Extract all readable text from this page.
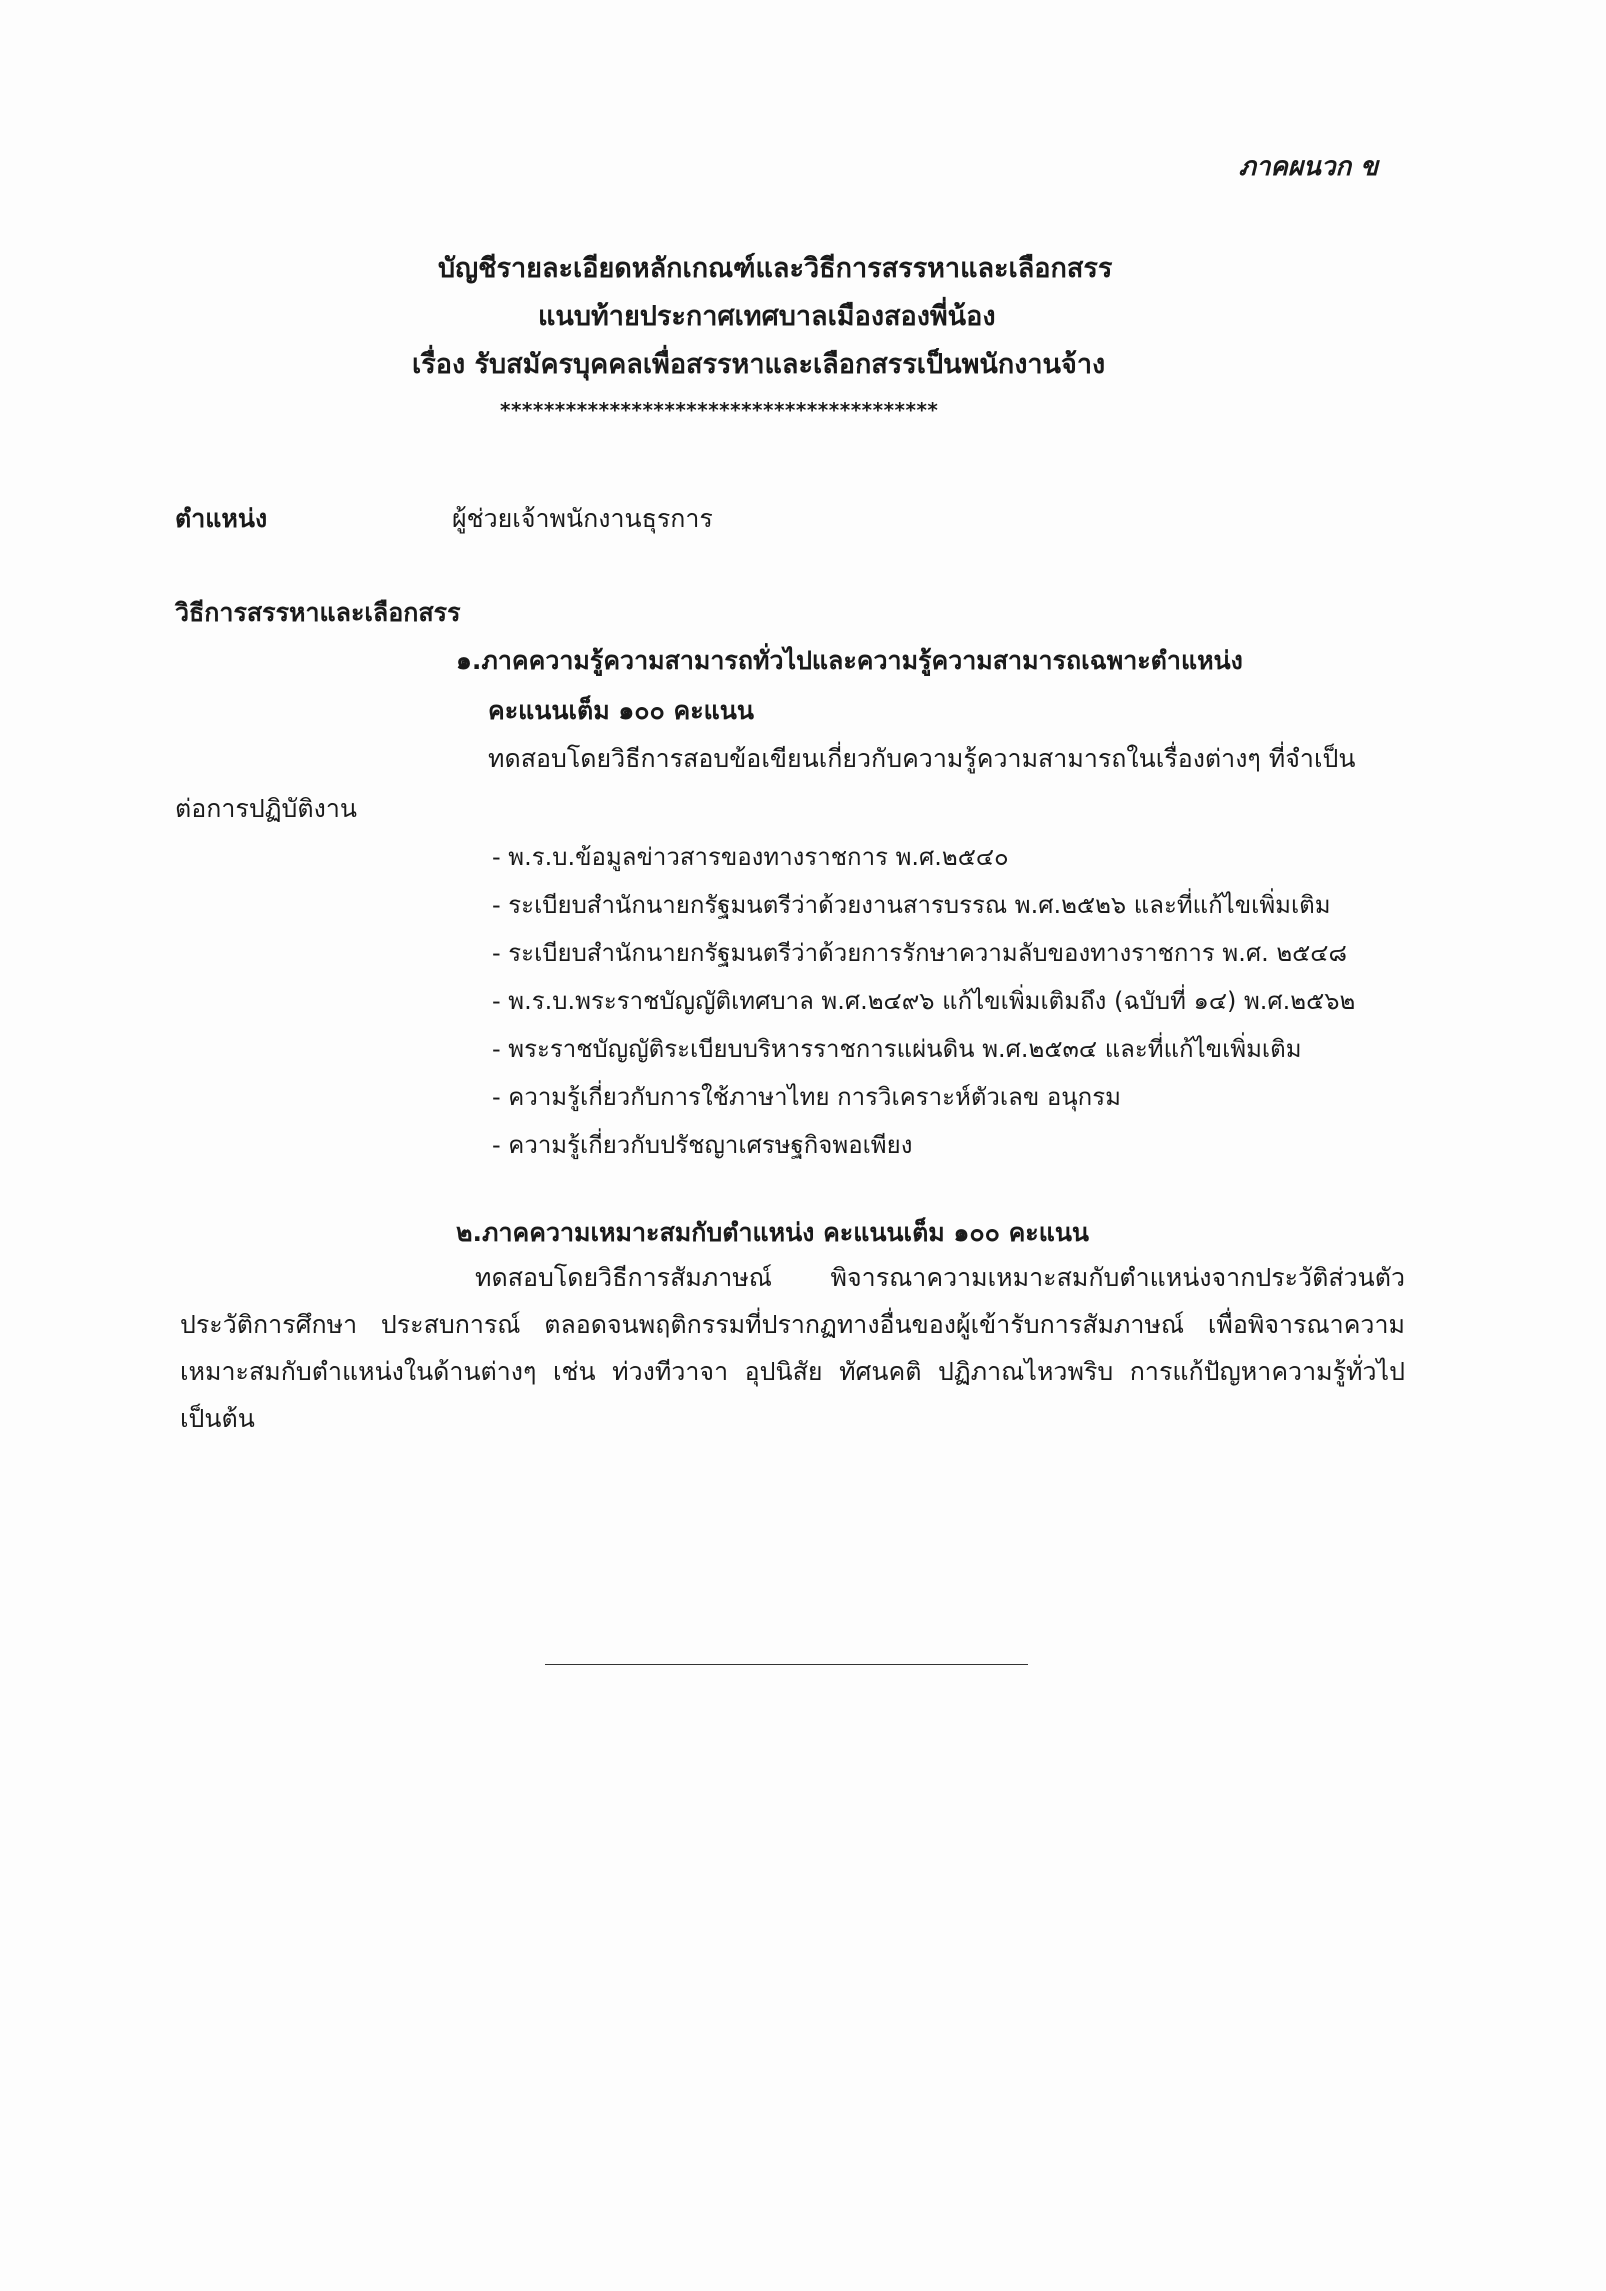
ภาคผนวก ข
บัญชีรายละเอียดหลักเกณฑ์และวิธีการสรรหาและเลือกสรร
แนบท้ายประกาศเทศบาลเมืองสองพี่น้อง
เรื่อง รับสมัครบุคคลเพื่อสรรหาและเลือกสรรเป็นพนักงานจ้าง
****************************************
ตำแหน่ง	ผู้ช่วยเจ้าพนักงานธุรการ
วิธีการสรรหาและเลือกสรร
๑.ภาคความรู้ความสามารถทั่วไปและความรู้ความสามารถเฉพาะตำแหน่ง
คะแนนเต็ม ๑๐๐ คะแนน
ทดสอบโดยวิธีการสอบข้อเขียนเกี่ยวกับความรู้ความสามารถในเรื่องต่างๆ ที่จำเป็น
ต่อการปฏิบัติงาน
- พ.ร.บ.ข้อมูลข่าวสารของทางราชการ พ.ศ.๒๕๔๐
- ระเบียบสำนักนายกรัฐมนตรีว่าด้วยงานสารบรรณ พ.ศ.๒๕๒๖ และที่แก้ไขเพิ่มเติม
- ระเบียบสำนักนายกรัฐมนตรีว่าด้วยการรักษาความลับของทางราชการ พ.ศ. ๒๕๔๘
- พ.ร.บ.พระราชบัญญัติเทศบาล พ.ศ.๒๔๙๖ แก้ไขเพิ่มเติมถึง (ฉบับที่ ๑๔) พ.ศ.๒๕๖๒
- พระราชบัญญัติระเบียบบริหารราชการแผ่นดิน พ.ศ.๒๕๓๔ และที่แก้ไขเพิ่มเติม
- ความรู้เกี่ยวกับการใช้ภาษาไทย การวิเคราะห์ตัวเลข อนุกรม
- ความรู้เกี่ยวกับปรัชญาเศรษฐกิจพอเพียง
๒.ภาคความเหมาะสมกับตำแหน่ง คะแนนเต็ม ๑๐๐ คะแนน
ทดสอบโดยวิธีการสัมภาษณ์ พิจารณาความเหมาะสมกับตำแหน่งจากประวัติส่วนตัว ประวัติการศึกษา ประสบการณ์ ตลอดจนพฤติกรรมที่ปรากฏทางอื่นของผู้เข้ารับการสัมภาษณ์ เพื่อพิจารณาความเหมาะสมกับตำแหน่งในด้านต่างๆ เช่น ท่วงทีวาจา อุปนิสัย ทัศนคติ ปฏิภาณไหวพริบ การแก้ปัญหาความรู้ทั่วไป เป็นต้น
